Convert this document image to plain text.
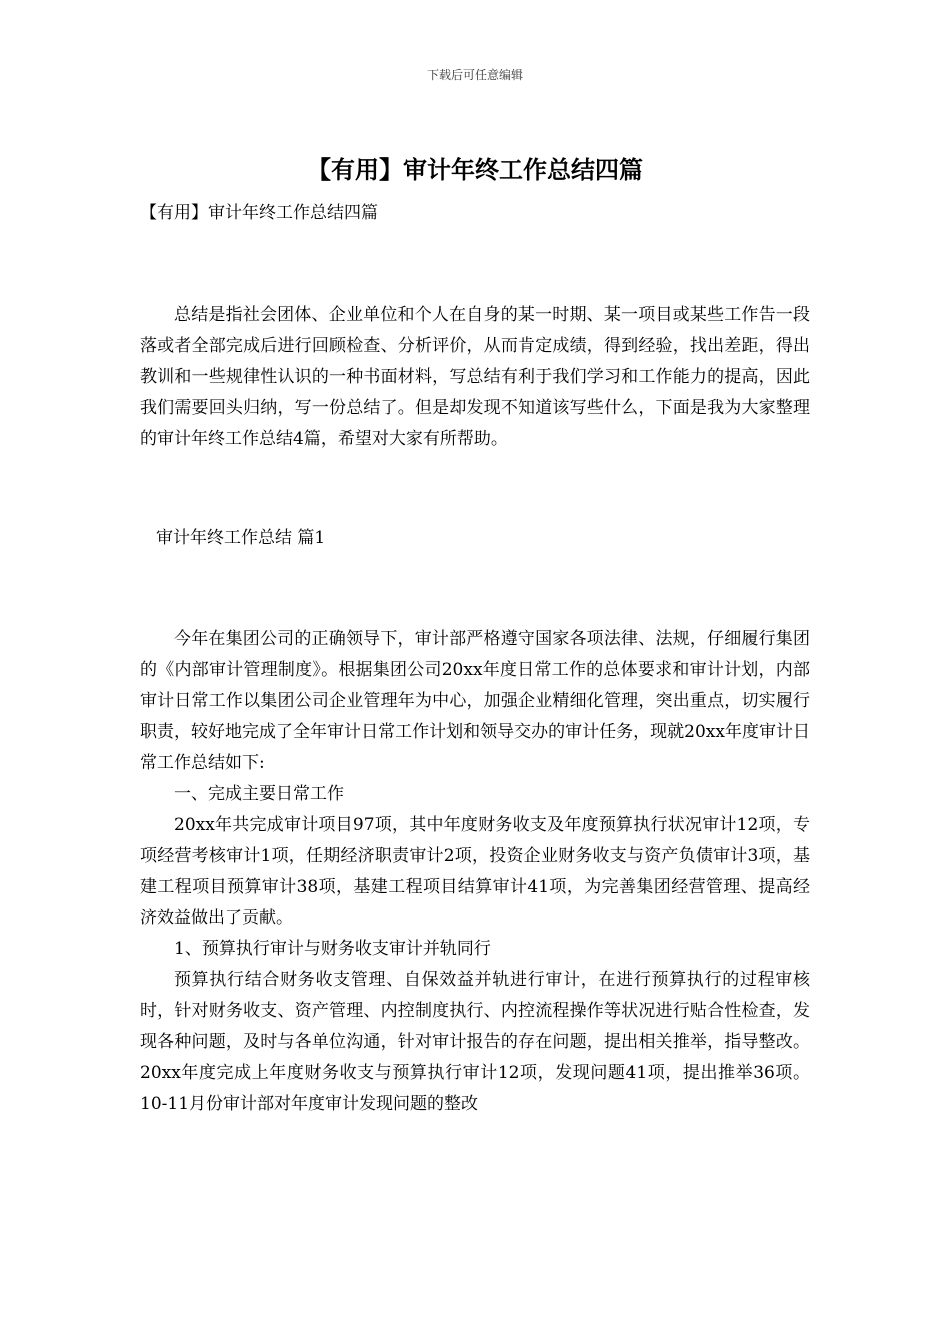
下载后可任意编辑
【有用】审计年终工作总结四篇
【有用】审计年终工作总结四篇

总结是指社会团体、企业单位和个人在自身的某一时期、某一项目或某些工作告一段落或者全部完成后进行回顾检查、分析评价，从而肯定成绩，得到经验，找出差距，得出教训和一些规律性认识的一种书面材料，写总结有利于我们学习和工作能力的提高，因此我们需要回头归纳，写一份总结了。但是却发现不知道该写些什么，下面是我为大家整理的审计年终工作总结4篇，希望对大家有所帮助。

审计年终工作总结 篇1

今年在集团公司的正确领导下，审计部严格遵守国家各项法律、法规，仔细履行集团的《内部审计管理制度》。根据集团公司20xx年度日常工作的总体要求和审计计划，内部审计日常工作以集团公司企业管理年为中心，加强企业精细化管理，突出重点，切实履行职责，较好地完成了全年审计日常工作计划和领导交办的审计任务，现就20xx年度审计日常工作总结如下:

一、完成主要日常工作

20xx年共完成审计项目97项，其中年度财务收支及年度预算执行状况审计12项，专项经营考核审计1项，任期经济职责审计2项，投资企业财务收支与资产负债审计3项，基建工程项目预算审计38项，基建工程项目结算审计41项，为完善集团经营管理、提高经济效益做出了贡献。

1、预算执行审计与财务收支审计并轨同行

预算执行结合财务收支管理、自保效益并轨进行审计，在进行预算执行的过程审核时，针对财务收支、资产管理、内控制度执行、内控流程操作等状况进行贴合性检查，发现各种问题，及时与各单位沟通，针对审计报告的存在问题，提出相关推举，指导整改。20xx年度完成上年度财务收支与预算执行审计12项，发现问题41项，提出推举36项。10-11月份审计部对年度审计发现问题的整改
